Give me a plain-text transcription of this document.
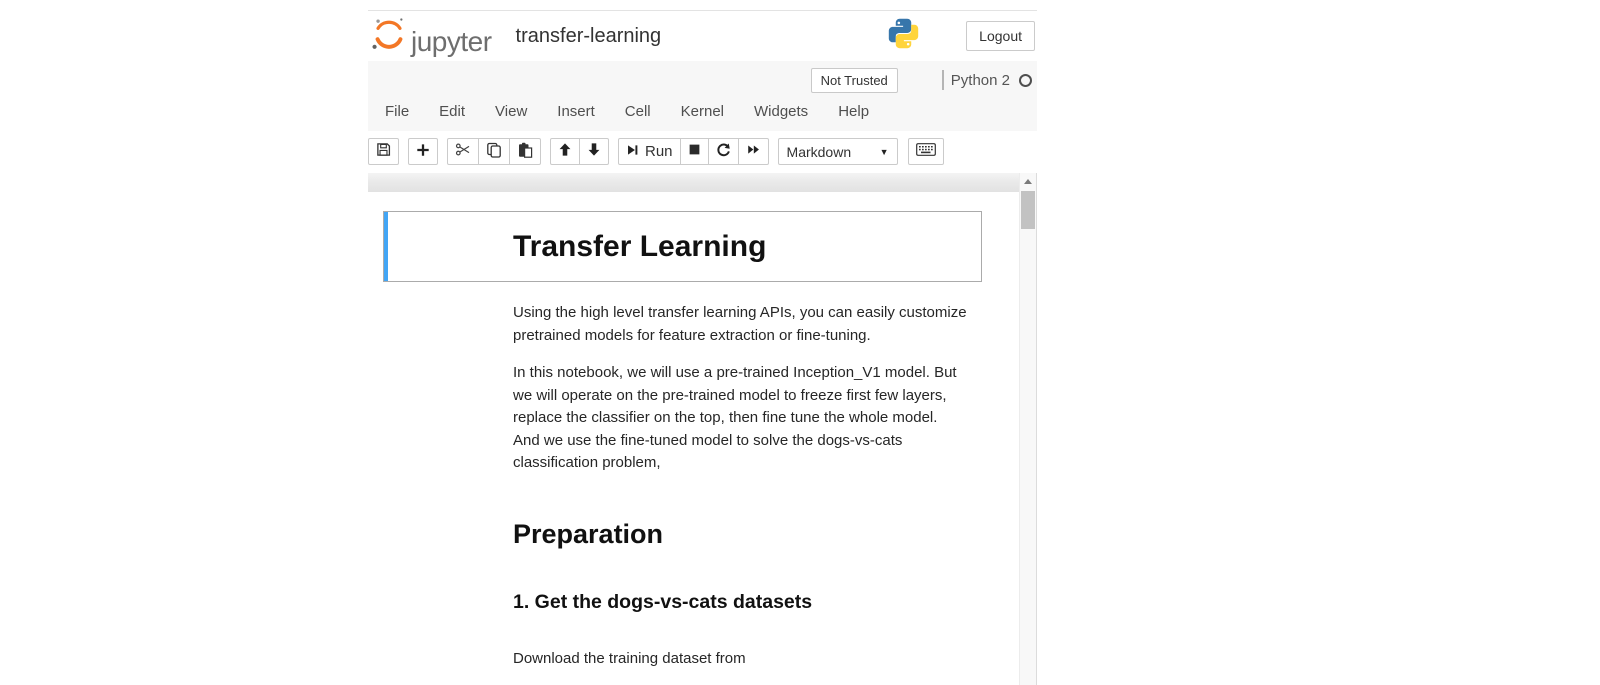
jupyter transfer-learning	Logout
Not Trusted	Python 2
File	Edit	View	Insert	Cell	Kernel	Widgets	Help
Run	Markdown	▼
Transfer Learning

Using the high level transfer learning APIs, you can easily customize pretrained models for feature extraction or fine-tuning.

In this notebook, we will use a pre-trained Inception_V1 model. But we will operate on the pre-trained model to freeze first few layers, replace the classifier on the top, then fine tune the whole model. And we use the fine-tuned model to solve the dogs-vs-cats classification problem,

Preparation
1. Get the dogs-vs-cats datasets

Download the training dataset from
